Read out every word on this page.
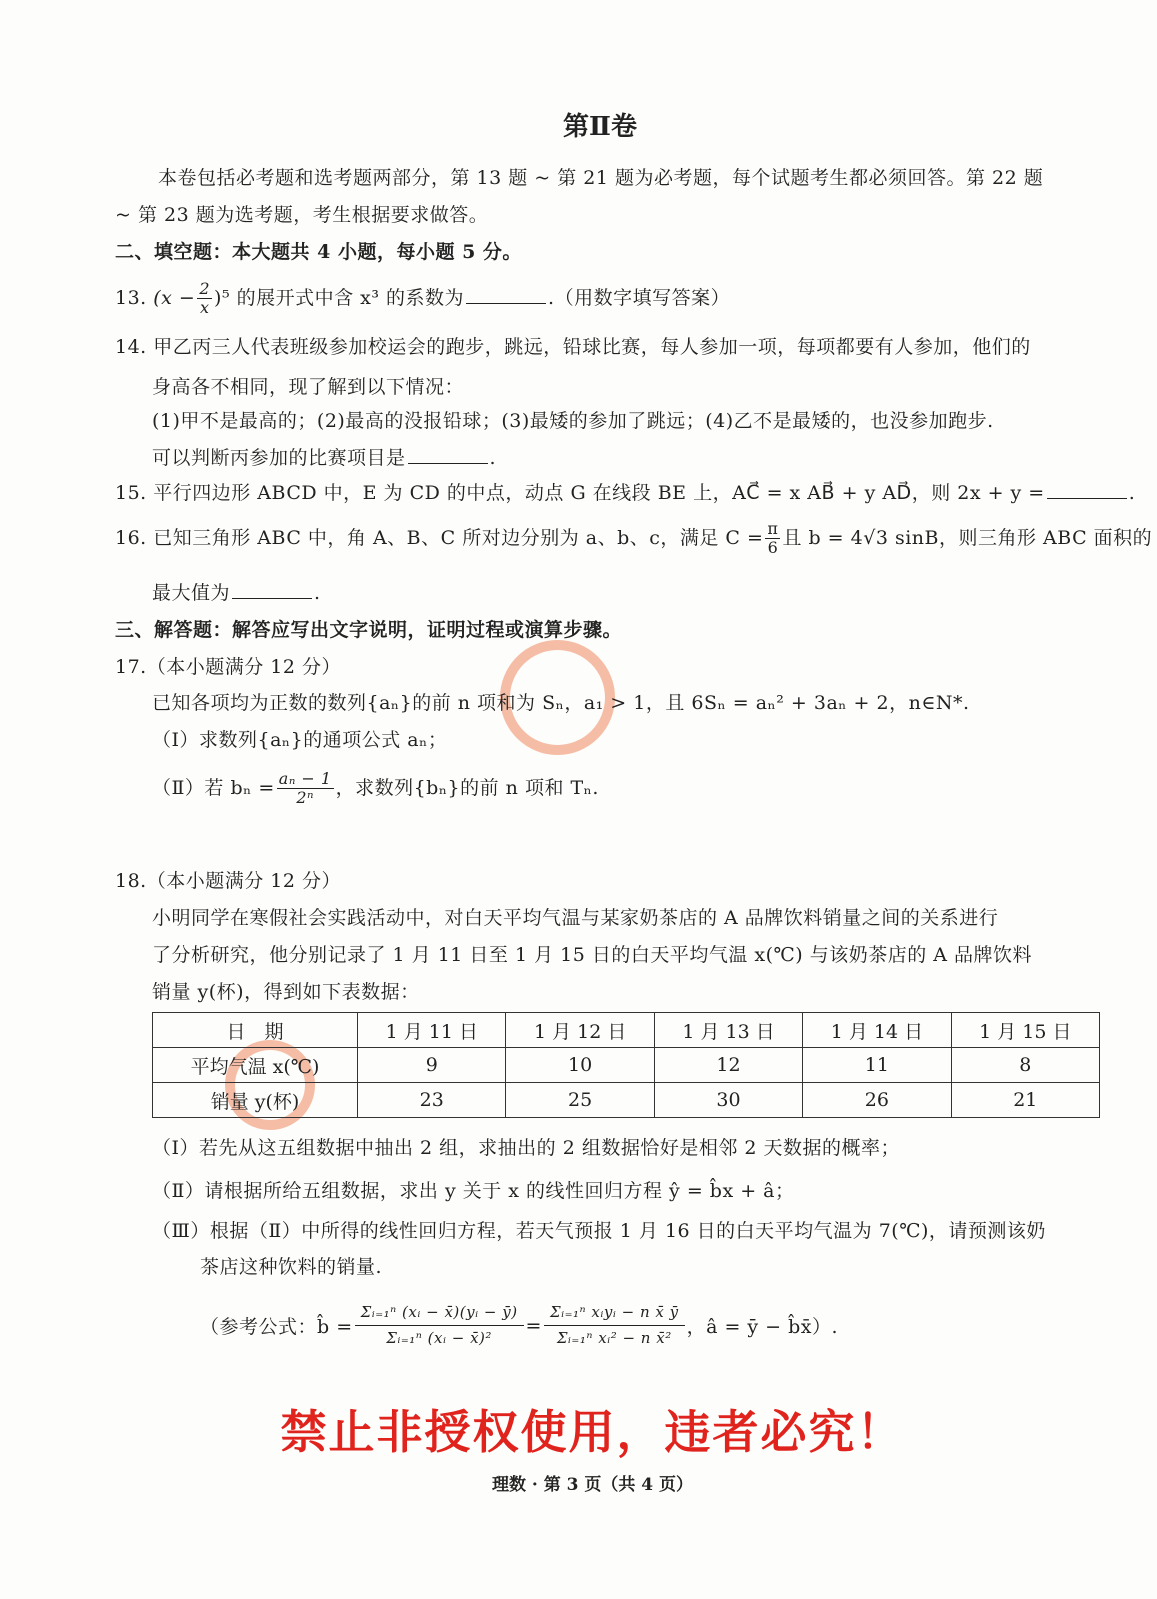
第Ⅱ卷
本卷包括必考题和选考题两部分，第 13 题 ~ 第 21 题为必考题，每个试题考生都必须回答。第 22 题
~ 第 23 题为选考题，考生根据要求做答。
二、填空题：本大题共 4 小题，每小题 5 分。
13. $(x - \frac{2}{x} )^5$ 的展开式中含 x³ 的系数为	.（用数字填写答案）
14. 甲乙丙三人代表班级参加校运会的跑步，跳远，铅球比赛，每人参加一项，每项都要有人参加，他们的
身高各不相同，现了解到以下情况：
(1)甲不是最高的；(2)最高的没报铅球；(3)最矮的参加了跳远；(4)乙不是最矮的，也没参加跑步.
可以判断丙参加的比赛项目是	.
15. 平行四边形 ABCD 中，E 为 CD 的中点，动点 G 在线段 BE 上，AC⃗ = x AB⃗ + y AD⃗，则 2x + y =	.
16. 已知三角形 ABC 中，角 A、B、C 所对边分别为 a、b、c，满足 $C = \frac{\pi}{6}$ 且 b = 4√3 sinB，则三角形 ABC 面积的
最大值为	.
三、解答题：解答应写出文字说明，证明过程或演算步骤。
17.（本小题满分 12 分）
已知各项均为正数的数列{aₙ}的前 n 项和为 Sₙ，a₁ > 1，且 6Sₙ = aₙ² + 3aₙ + 2，n∈N*.
（Ⅰ）求数列{aₙ}的通项公式 aₙ；
（Ⅱ）若 $b_n = \frac{\text{aₙ − 1}}{\text{2ⁿ}}$ ，求数列{bₙ}的前 n 项和 Tₙ.
18.（本小题满分 12 分）
小明同学在寒假社会实践活动中，对白天平均气温与某家奶茶店的 A 品牌饮料销量之间的关系进行
了分析研究，他分别记录了 1 月 11 日至 1 月 15 日的白天平均气温 x(℃) 与该奶茶店的 A 品牌饮料
销量 y(杯)，得到如下表数据：
日　期	1 月 11 日	1 月 12 日	1 月 13 日	1 月 14 日	1 月 15 日
平均气温 x(℃)	9	10	12	11	8
销量 y(杯)	23	25	30	26	21
（Ⅰ）若先从这五组数据中抽出 2 组，求抽出的 2 组数据恰好是相邻 2 天数据的概率；
（Ⅱ）请根据所给五组数据，求出 y 关于 x 的线性回归方程 ŷ = b̂x + â；
（Ⅲ）根据（Ⅱ）中所得的线性回归方程，若天气预报 1 月 16 日的白天平均气温为 7(℃)，请预测该奶
茶店这种饮料的销量.
（参考公式：b̂ = $\frac{\text{Σᵢ₌₁ⁿ (xᵢ − x̄)(yᵢ − ȳ)}}{\text{Σᵢ₌₁ⁿ (xᵢ − x̄)²}} = \frac{\text{Σᵢ₌₁ⁿ xᵢyᵢ − n x̄ ȳ}}{\text{Σᵢ₌₁ⁿ xᵢ² − n x̄²}}$ ，â = ȳ − b̂x̄）.
禁止非授权使用，违者必究！
理数 · 第 3 页（共 4 页）
